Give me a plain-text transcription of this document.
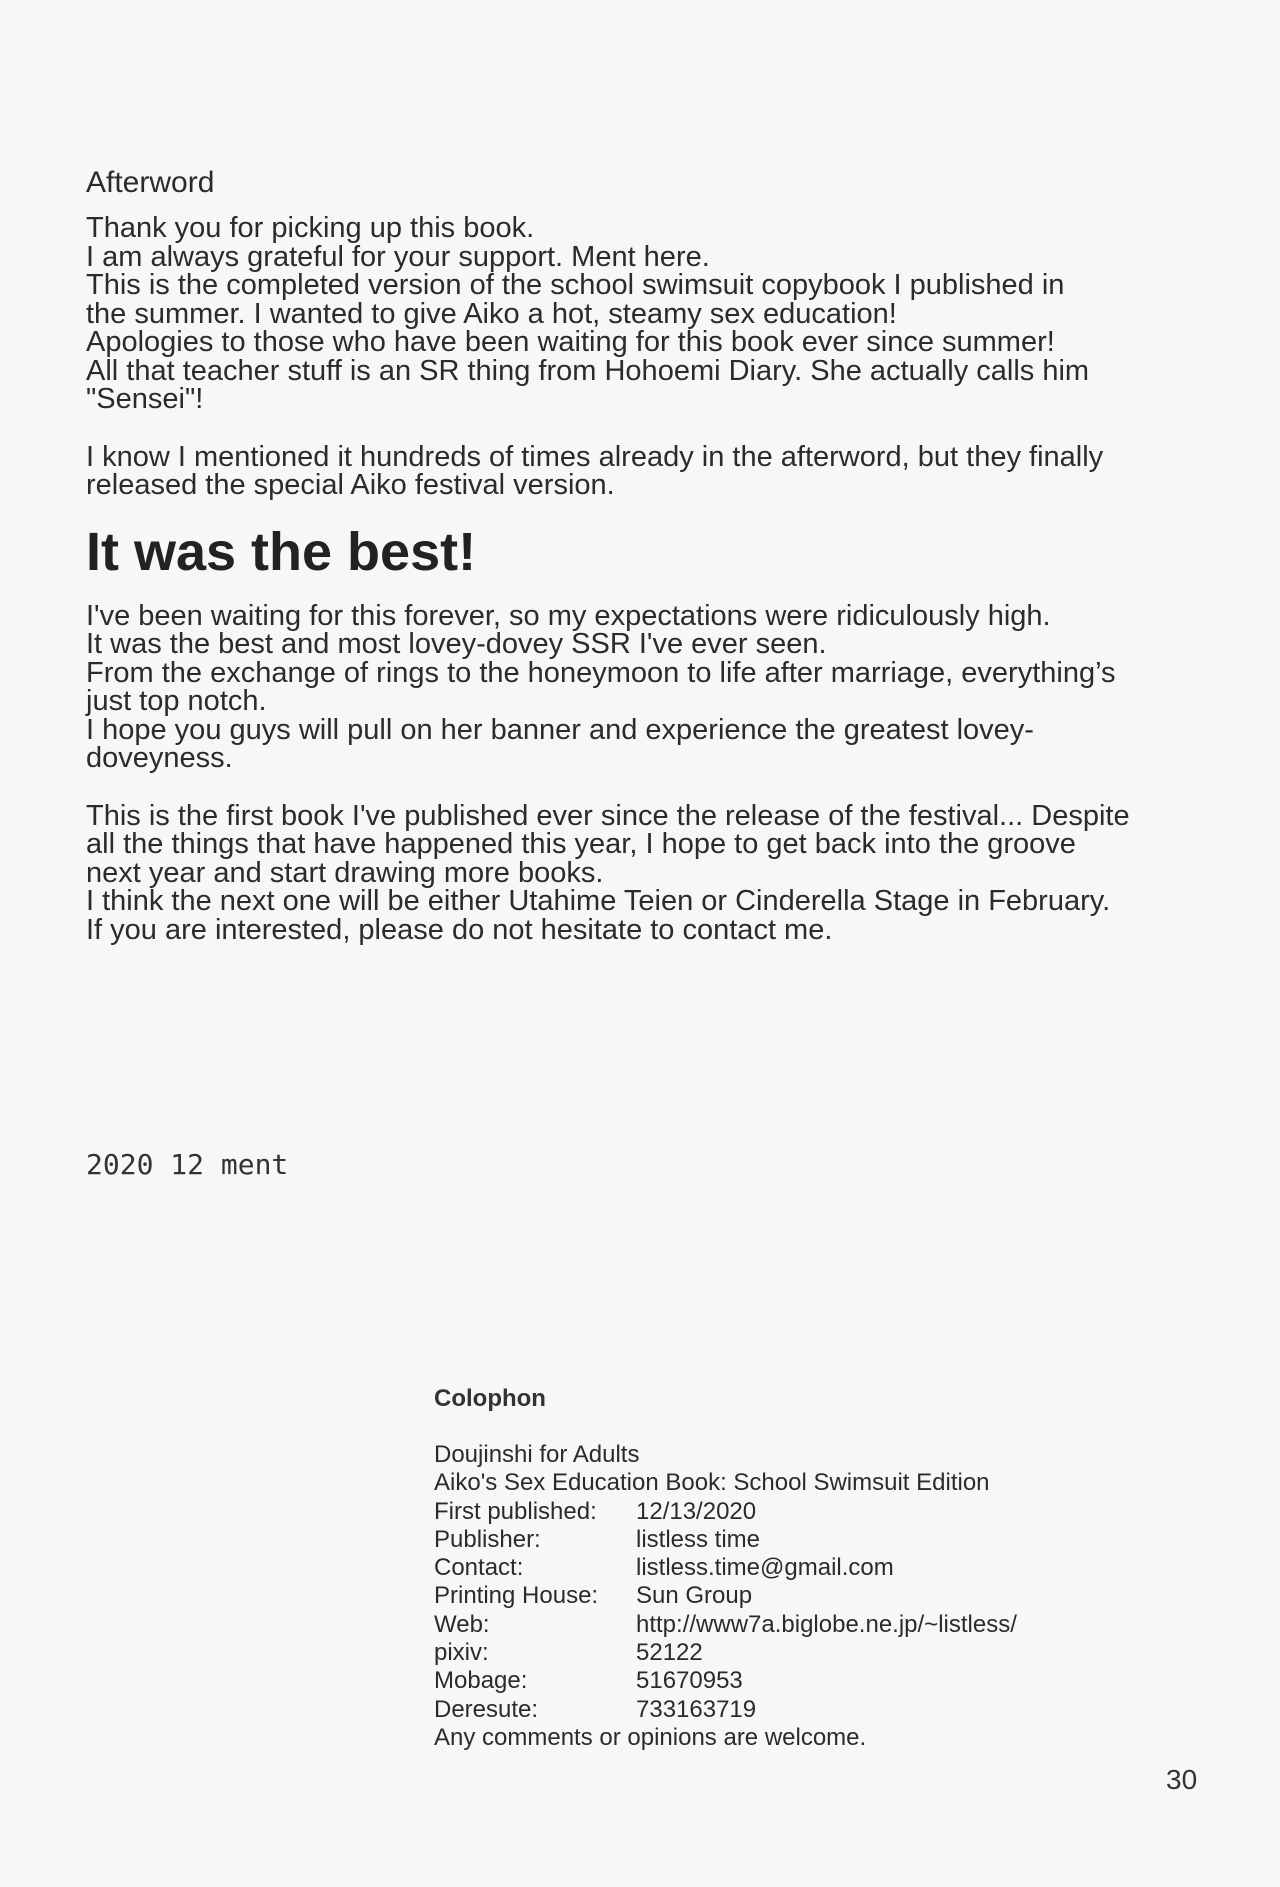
Afterword

Thank you for picking up this book.
I am always grateful for your support. Ment here.
This is the completed version of the school swimsuit copybook I published in
the summer. I wanted to give Aiko a hot, steamy sex education!
Apologies to those who have been waiting for this book ever since summer!
All that teacher stuff is an SR thing from Hohoemi Diary. She actually calls him
"Sensei"!

I know I mentioned it hundreds of times already in the afterword, but they finally
released the special Aiko festival version.

It was the best!

I've been waiting for this forever, so my expectations were ridiculously high.
It was the best and most lovey-dovey SSR I've ever seen.
From the exchange of rings to the honeymoon to life after marriage, everything’s
just top notch.
I hope you guys will pull on her banner and experience the greatest lovey-
doveyness.

This is the first book I've published ever since the release of the festival... Despite
all the things that have happened this year, I hope to get back into the groove
next year and start drawing more books.
I think the next one will be either Utahime Teien or Cinderella Stage in February.
If you are interested, please do not hesitate to contact me.

2020 12 ment
Colophon
Doujinshi for Adults
Aiko's Sex Education Book: School Swimsuit Edition
First published:	12/13/2020
Publisher:	listless time
Contact:	listless.time@gmail.com
Printing House:	Sun Group
Web:	http://www7a.biglobe.ne.jp/~listless/
pixiv:	52122
Mobage:	51670953
Deresute:	733163719
Any comments or opinions are welcome.
30
